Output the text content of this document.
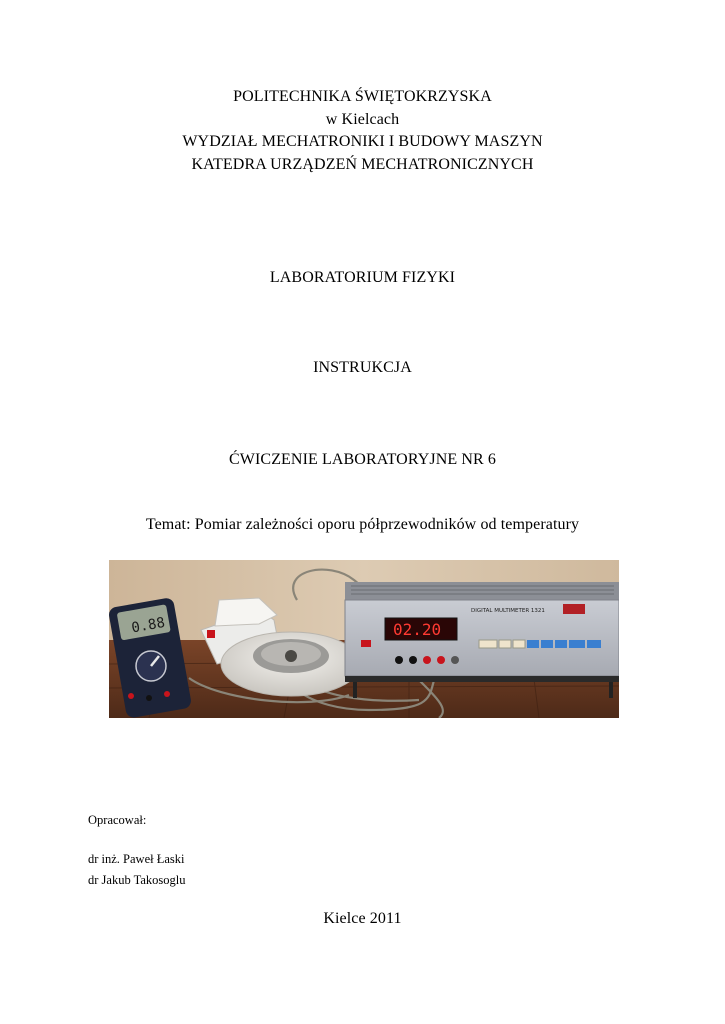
POLITECHNIKA ŚWIĘTOKRZYSKA
w Kielcach
WYDZIAŁ MECHATRONIKI I BUDOWY MASZYN
KATEDRA URZĄDZEŃ MECHATRONICZNYCH
LABORATORIUM FIZYKI
INSTRUKCJA
ĆWICZENIE LABORATORYJNE NR 6
Temat: Pomiar zależności oporu półprzewodników od temperatury
0.88
DIGITAL MULTIMETER 1321
02.20
Opracował:
dr inż. Paweł Łaski
dr Jakub Takosoglu
Kielce 2011
